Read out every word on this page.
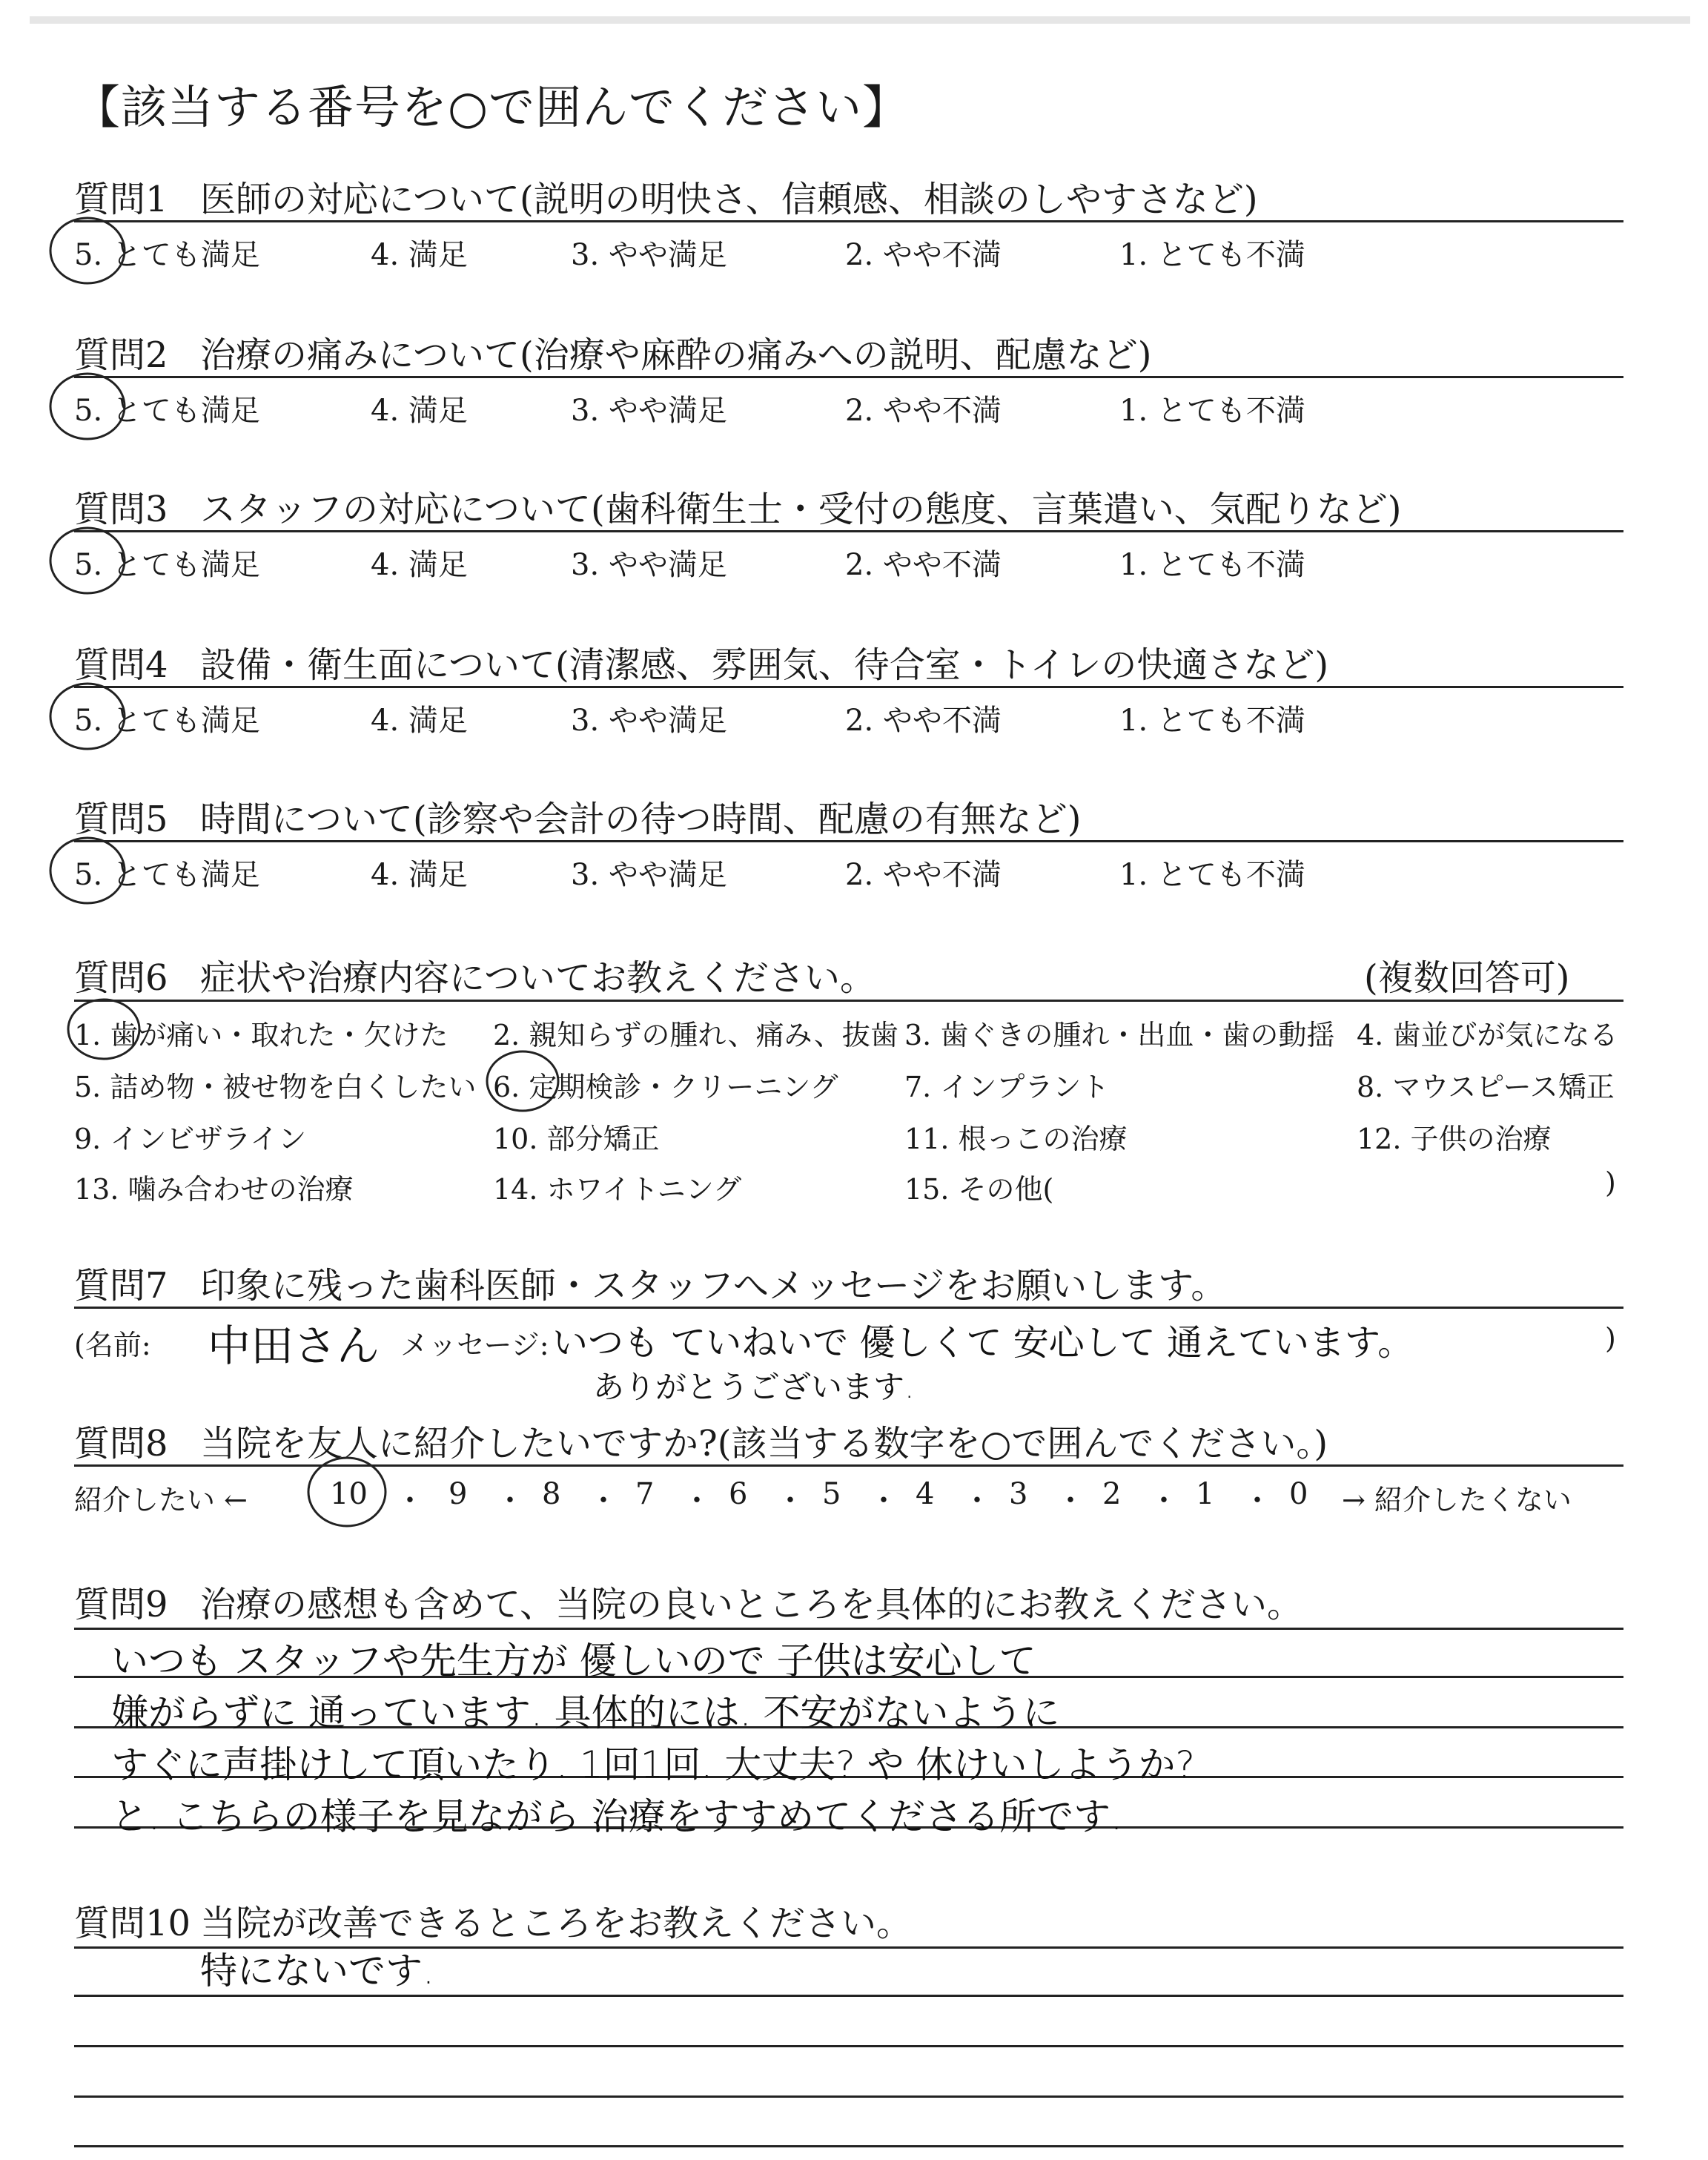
【該当する番号を○で囲んでください】
質問1 医師の対応について(説明の明快さ、信頼感、相談のしやすさなど)
5. とても満足	4. 満足	3. やや満足	2. やや不満	1. とても不満
質問2 治療の痛みについて(治療や麻酔の痛みへの説明、配慮など)
5. とても満足	4. 満足	3. やや満足	2. やや不満	1. とても不満
質問3 スタッフの対応について(歯科衛生士・受付の態度、言葉遣い、気配りなど)
5. とても満足	4. 満足	3. やや満足	2. やや不満	1. とても不満
質問4 設備・衛生面について(清潔感、雰囲気、待合室・トイレの快適さなど)
5. とても満足	4. 満足	3. やや満足	2. やや不満	1. とても不満
質問5 時間について(診察や会計の待つ時間、配慮の有無など)
5. とても満足	4. 満足	3. やや満足	2. やや不満	1. とても不満
質問6 症状や治療内容についてお教えください。	(複数回答可)
1. 歯が痛い・取れた・欠けた 2. 親知らずの腫れ、痛み、抜歯 3. 歯ぐきの腫れ・出血・歯の動揺 4. 歯並びが気になる
5. 詰め物・被せ物を白くしたい 6. 定期検診・クリーニング 7. インプラント	8. マウスピース矯正
9. インビザライン	10. 部分矯正	11. 根っこの治療	12. 子供の治療
13. 噛み合わせの治療	14. ホワイトニング	15. その他(	)
質問7 印象に残った歯科医師・スタッフへメッセージをお願いします。
(名前: 中田さん メッセージ: いつも ていねいで 優しくて 安心して 通えています。
ありがとうございます.
)
質問8 当院を友人に紹介したいですか?(該当する数字を○で囲んでください。)
紹介したい ←	10 ・ 9 ・ 8 ・ 7 ・ 6 ・ 5 ・ 4 ・ 3 ・ 2 ・ 1 ・ 0 → 紹介したくない
質問9 治療の感想も含めて、当院の良いところを具体的にお教えください。
いつも スタッフや先生方が 優しいので 子供は安心して
嫌がらずに 通っています. 具体的には. 不安がないように
すぐに声掛けして頂いたり. 1回1回. 大丈夫? や 休けいしようか?
と. こちらの様子を見ながら 治療をすすめてくださる所です.
質問10 当院が改善できるところをお教えください。
特にないです.
